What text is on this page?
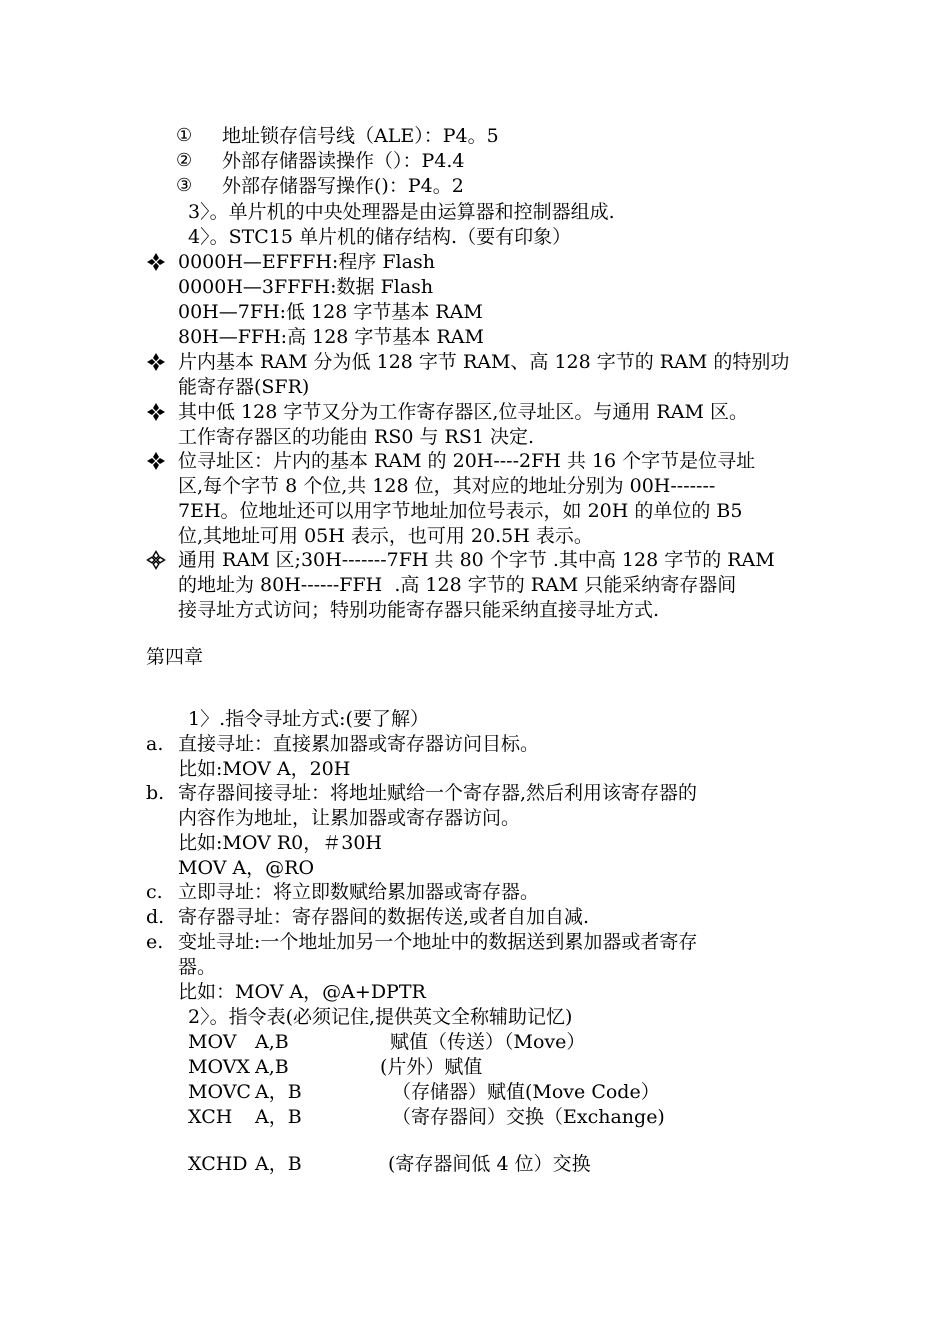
① 地址锁存信号线（ALE）：P4。5
② 外部存储器读操作（）：P4.4
③ 外部存储器写操作()：P4。2
3〉。单片机的中央处理器是由运算器和控制器组成.
4〉。STC15 单片机的储存结构.（要有印象）
0000H—EFFFH:程序 Flash
0000H—3FFFH:数据 Flash
00H—7FH:低 128 字节基本 RAM
80H—FFH:高 128 字节基本 RAM
片内基本 RAM 分为低 128 字节 RAM、高 128 字节的 RAM 的特别功
能寄存器(SFR)
其中低 128 字节又分为工作寄存器区,位寻址区。与通用 RAM 区。
工作寄存器区的功能由 RS0 与 RS1 决定.
位寻址区：片内的基本 RAM 的 20H----2FH 共 16 个字节是位寻址
区,每个字节 8 个位,共 128 位，其对应的地址分别为 00H-------
7EH。位地址还可以用字节地址加位号表示，如 20H 的单位的 B5
位,其地址可用 05H 表示，也可用 20.5H 表示。
通用 RAM 区;30H-------7FH 共 80 个字节 .其中高 128 字节的 RAM
的地址为 80H------FFH  .高 128 字节的 RAM 只能采纳寄存器间
接寻址方式访问；特别功能寄存器只能采纳直接寻址方式.
第四章
1〉.指令寻址方式:(要了解）
a. 直接寻址：直接累加器或寄存器访问目标。
比如:MOV A，20H
b. 寄存器间接寻址：将地址赋给一个寄存器,然后利用该寄存器的
内容作为地址，让累加器或寄存器访问。
比如:MOV R0，＃30H
MOV A，@RO
c. 立即寻址：将立即数赋给累加器或寄存器。
d. 寄存器寻址：寄存器间的数据传送,或者自加自减.
e. 变址寻址:一个地址加另一个地址中的数据送到累加器或者寄存
器。
比如：MOV A，@A+DPTR
2〉。指令表(必须记住,提供英文全称辅助记忆)
MOV A,B	赋值（传送）（Move）
MOVX A,B	(片外）赋值
MOVC A，B	（存储器）赋值(Move Code）
XCH A，B	（寄存器间）交换（Exchange)
XCHD A，B	(寄存器间低 4 位）交换
